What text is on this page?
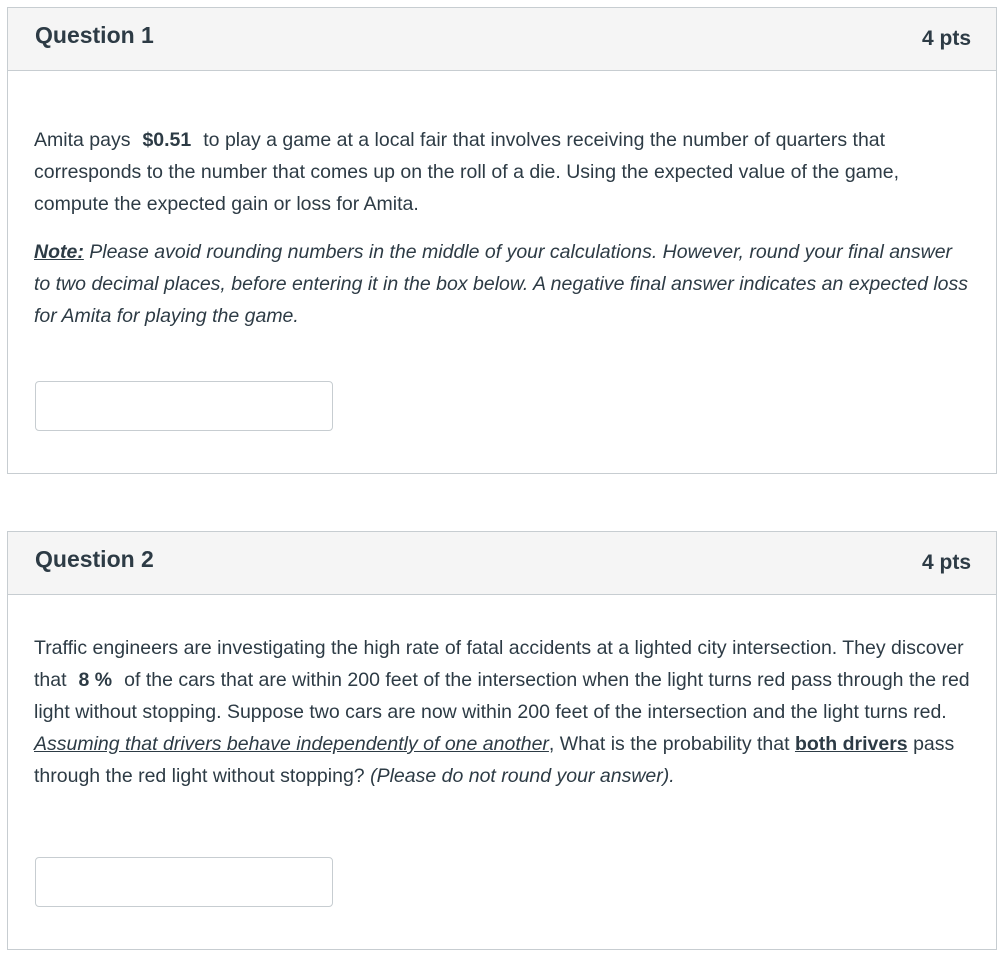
Question 1	4 pts

Amita pays $0.51 to play a game at a local fair that involves receiving the number of quarters that corresponds to the number that comes up on the roll of a die. Using the expected value of the game, compute the expected gain or loss for Amita.

Note: Please avoid rounding numbers in the middle of your calculations. However, round your final answer to two decimal places, before entering it in the box below. A negative final answer indicates an expected loss for Amita for playing the game.

Question 2	4 pts

Traffic engineers are investigating the high rate of fatal accidents at a lighted city intersection. They discover that 8 % of the cars that are within 200 feet of the intersection when the light turns red pass through the red light without stopping. Suppose two cars are now within 200 feet of the intersection and the light turns red. Assuming that drivers behave independently of one another, What is the probability that both drivers pass through the red light without stopping? (Please do not round your answer).
